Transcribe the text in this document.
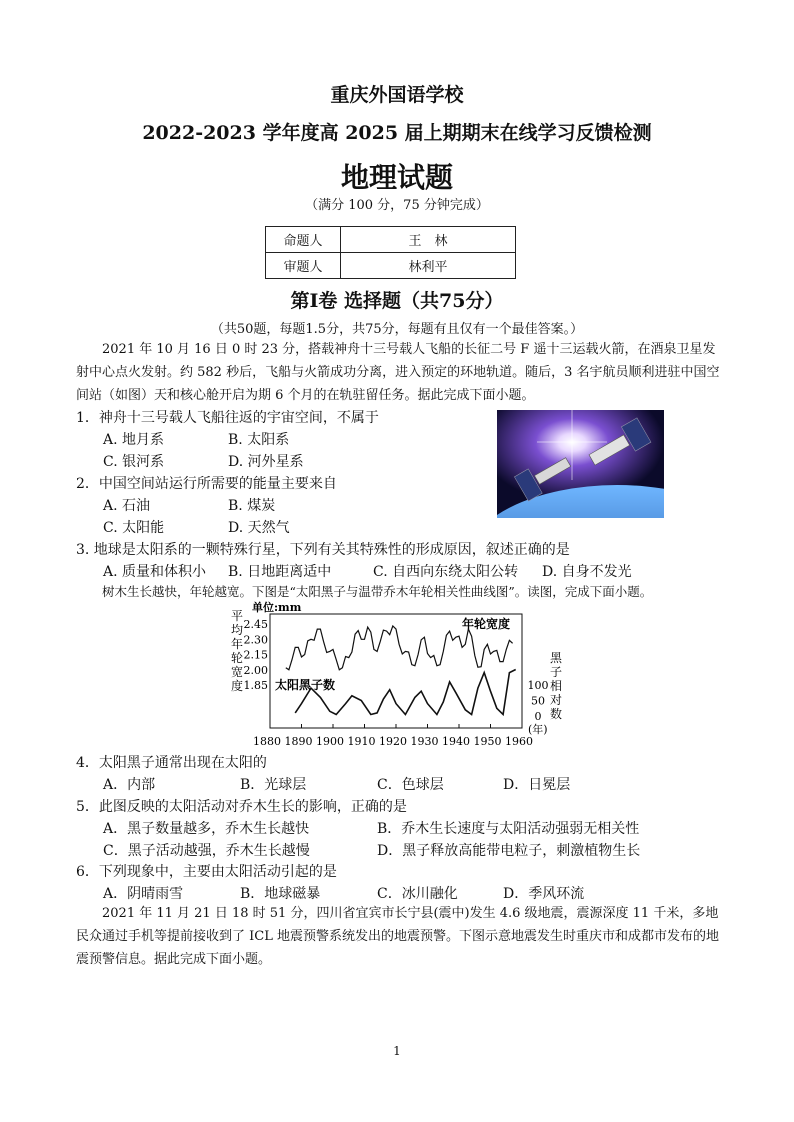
重庆外国语学校
2022-2023 学年度高 2025 届上期期末在线学习反馈检测
地理试题
（满分 100 分，75 分钟完成）
命题人	王　林
审题人	林利平
第Ⅰ卷 选择题（共75分）
（共50题，每题1.5分，共75分，每题有且仅有一个最佳答案。）
2021 年 10 月 16 日 0 时 23 分，搭载神舟十三号载人飞船的长征二号 F 遥十三运载火箭，在酒泉卫星发射中心点火发射。约 582 秒后，飞船与火箭成功分离，进入预定的环地轨道。随后，3 名宇航员顺利进驻中国空间站（如图）天和核心舱开启为期 6 个月的在轨驻留任务。据此完成下面小题。
1．神舟十三号载人飞船往返的宇宙空间，不属于
A. 地月系	B. 太阳系
C. 银河系	D. 河外星系
2．中国空间站运行所需要的能量主要来自
A. 石油	B. 煤炭
C. 太阳能	D. 天然气
3. 地球是太阳系的一颗特殊行星，下列有关其特殊性的形成原因，叙述正确的是
A. 质量和体积小 B. 日地距离适中	C. 自西向东绕太阳公转 D. 自身不发光
树木生长越快，年轮越宽。下图是“太阳黑子与温带乔木年轮相关性曲线图”。读图，完成下面小题。
单位:mm
平
均
年
轮
宽
度
黑
子
相
对
数
2.45
2.30
2.15
2.00
1.85	100
50
0
1880 1890 1900 1910 1920 1930 1940 1950 1960
年轮宽度
太阳黑子数
(年)
4．太阳黑子通常出现在太阳的
A．内部	B．光球层	C．色球层	D．日冕层
5．此图反映的太阳活动对乔木生长的影响，正确的是
A．黑子数量越多，乔木生长越快	B．乔木生长速度与太阳活动强弱无相关性
C．黑子活动越强，乔木生长越慢	D．黑子释放高能带电粒子，刺激植物生长
6．下列现象中，主要由太阳活动引起的是
A．阴晴雨雪	B．地球磁暴	C．冰川融化	D．季风环流
2021 年 11 月 21 日 18 时 51 分，四川省宜宾市长宁县(震中)发生 4.6 级地震，震源深度 11 千米，多地民众通过手机等提前接收到了 ICL 地震预警系统发出的地震预警。下图示意地震发生时重庆市和成都市发布的地震预警信息。据此完成下面小题。
1
